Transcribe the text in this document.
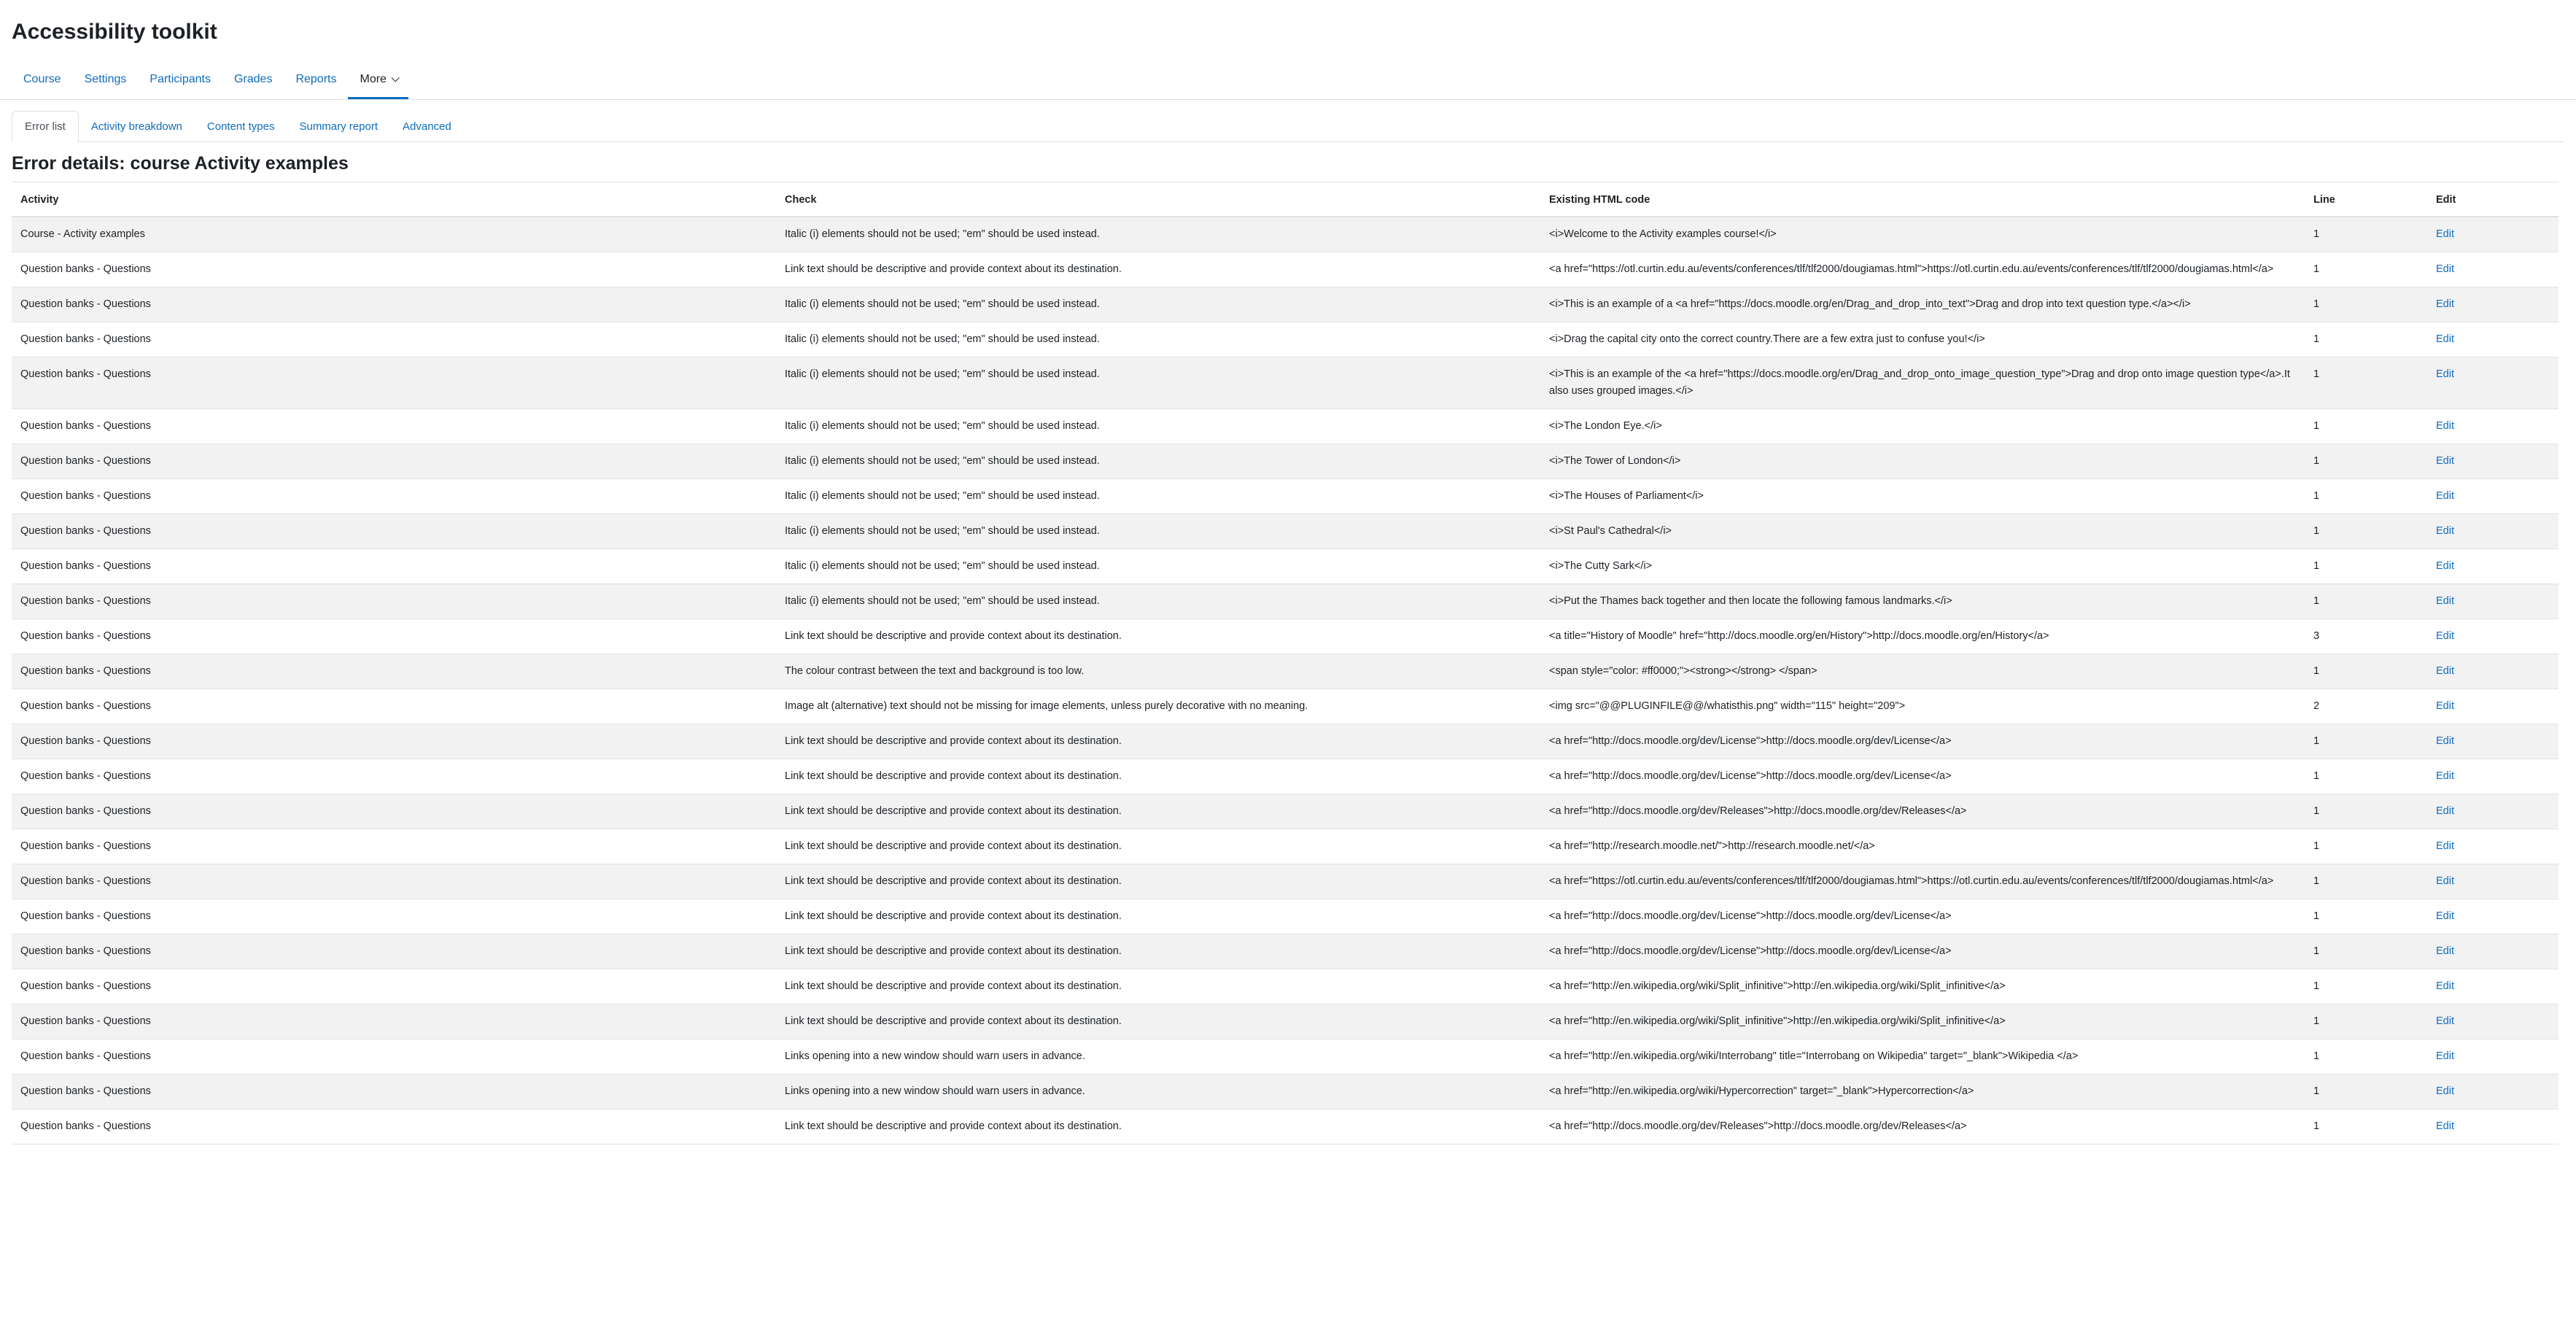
Accessibility toolkit
Course	Settings	Participants	Grades	Reports	More
Error list	Activity breakdown	Content types	Summary report	Advanced
Error details: course Activity examples
Activity	Check	Existing HTML code	Line	Edit
Course - Activity examples	Italic (i) elements should not be used; "em" should be used instead.	<i>Welcome to the Activity examples course!</i>	1	Edit
Question banks - Questions	Link text should be descriptive and provide context about its destination.	<a href="https://otl.curtin.edu.au/events/conferences/tlf/tlf2000/dougiamas.html">https://otl.curtin.edu.au/events/conferences/tlf/tlf2000/dougiamas.html</a>	1	Edit
Question banks - Questions	Italic (i) elements should not be used; "em" should be used instead.	<i>This is an example of a <a href="https://docs.moodle.org/en/Drag_and_drop_into_text">Drag and drop into text question type.</a></i>	1	Edit
Question banks - Questions	Italic (i) elements should not be used; "em" should be used instead.	<i>Drag the capital city onto the correct country.There are a few extra just to confuse you!</i>	1	Edit
Question banks - Questions	Italic (i) elements should not be used; "em" should be used instead.	<i>This is an example of the <a href="https://docs.moodle.org/en/Drag_and_drop_onto_image_question_type">Drag and drop onto image question type</a>.It also uses grouped images.</i>	1	Edit
Question banks - Questions	Italic (i) elements should not be used; "em" should be used instead.	<i>The London Eye.</i>	1	Edit
Question banks - Questions	Italic (i) elements should not be used; "em" should be used instead.	<i>The Tower of London</i>	1	Edit
Question banks - Questions	Italic (i) elements should not be used; "em" should be used instead.	<i>The Houses of Parliament</i>	1	Edit
Question banks - Questions	Italic (i) elements should not be used; "em" should be used instead.	<i>St Paul's Cathedral</i>	1	Edit
Question banks - Questions	Italic (i) elements should not be used; "em" should be used instead.	<i>The Cutty Sark</i>	1	Edit
Question banks - Questions	Italic (i) elements should not be used; "em" should be used instead.	<i>Put the Thames back together and then locate the following famous landmarks.</i>	1	Edit
Question banks - Questions	Link text should be descriptive and provide context about its destination.	<a title="History of Moodle" href="http://docs.moodle.org/en/History">http://docs.moodle.org/en/History</a>	3	Edit
Question banks - Questions	The colour contrast between the text and background is too low.	<span style="color: #ff0000;"><strong></strong> </span>	1	Edit
Question banks - Questions	Image alt (alternative) text should not be missing for image elements, unless purely decorative with no meaning.	<img src="@@PLUGINFILE@@/whatisthis.png" width="115" height="209">	2	Edit
Question banks - Questions	Link text should be descriptive and provide context about its destination.	<a href="http://docs.moodle.org/dev/License">http://docs.moodle.org/dev/License</a>	1	Edit
Question banks - Questions	Link text should be descriptive and provide context about its destination.	<a href="http://docs.moodle.org/dev/License">http://docs.moodle.org/dev/License</a>	1	Edit
Question banks - Questions	Link text should be descriptive and provide context about its destination.	<a href="http://docs.moodle.org/dev/Releases">http://docs.moodle.org/dev/Releases</a>	1	Edit
Question banks - Questions	Link text should be descriptive and provide context about its destination.	<a href="http://research.moodle.net/">http://research.moodle.net/</a>	1	Edit
Question banks - Questions	Link text should be descriptive and provide context about its destination.	<a href="https://otl.curtin.edu.au/events/conferences/tlf/tlf2000/dougiamas.html">https://otl.curtin.edu.au/events/conferences/tlf/tlf2000/dougiamas.html</a>	1	Edit
Question banks - Questions	Link text should be descriptive and provide context about its destination.	<a href="http://docs.moodle.org/dev/License">http://docs.moodle.org/dev/License</a>	1	Edit
Question banks - Questions	Link text should be descriptive and provide context about its destination.	<a href="http://docs.moodle.org/dev/License">http://docs.moodle.org/dev/License</a>	1	Edit
Question banks - Questions	Link text should be descriptive and provide context about its destination.	<a href="http://en.wikipedia.org/wiki/Split_infinitive">http://en.wikipedia.org/wiki/Split_infinitive</a>	1	Edit
Question banks - Questions	Link text should be descriptive and provide context about its destination.	<a href="http://en.wikipedia.org/wiki/Split_infinitive">http://en.wikipedia.org/wiki/Split_infinitive</a>	1	Edit
Question banks - Questions	Links opening into a new window should warn users in advance.	<a href="http://en.wikipedia.org/wiki/Interrobang" title="Interrobang on Wikipedia" target="_blank">Wikipedia </a>	1	Edit
Question banks - Questions	Links opening into a new window should warn users in advance.	<a href="http://en.wikipedia.org/wiki/Hypercorrection" target="_blank">Hypercorrection</a>	1	Edit
Question banks - Questions	Link text should be descriptive and provide context about its destination.	<a href="http://docs.moodle.org/dev/Releases">http://docs.moodle.org/dev/Releases</a>	1	Edit
